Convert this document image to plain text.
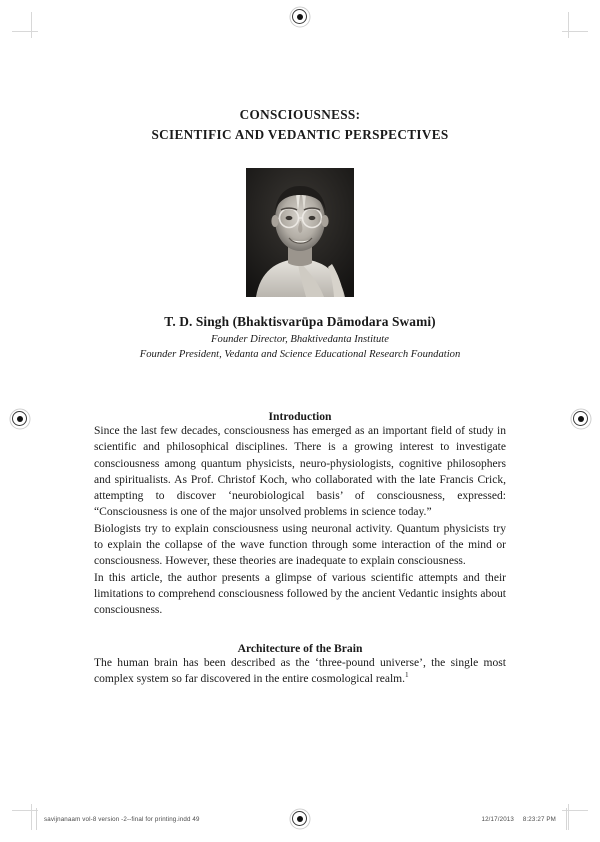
CONSCIOUSNESS:
SCIENTIFIC AND VEDANTIC PERSPECTIVES
T. D. Singh (Bhaktisvarūpa Dāmodara Swami)
Founder Director, Bhaktivedanta Institute
Founder President, Vedanta and Science Educational Research Foundation
Introduction

Since the last few decades, consciousness has emerged as an important field of study in scientific and philosophical disciplines. There is a growing interest to investigate consciousness among quantum physicists, neuro-physiologists, cognitive philosophers and spiritualists. As Prof. Christof Koch, who collaborated with the late Francis Crick, attempting to discover ‘neurobiological basis’ of consciousness, expressed: “Consciousness is one of the major unsolved problems in science today.”

Biologists try to explain consciousness using neuronal activity. Quantum physicists try to explain the collapse of the wave function through some interaction of the mind or consciousness. However, these theories are inadequate to explain consciousness.

In this article, the author presents a glimpse of various scientific attempts and their limitations to comprehend consciousness followed by the ancient Vedantic insights about consciousness.

Architecture of the Brain

The human brain has been described as the ‘three-pound universe’, the single most complex system so far discovered in the entire cosmological realm.$^1$

savijnanaam vol-8 version -2--final for printing.indd 49	12/17/2013 8:23:27 PM
